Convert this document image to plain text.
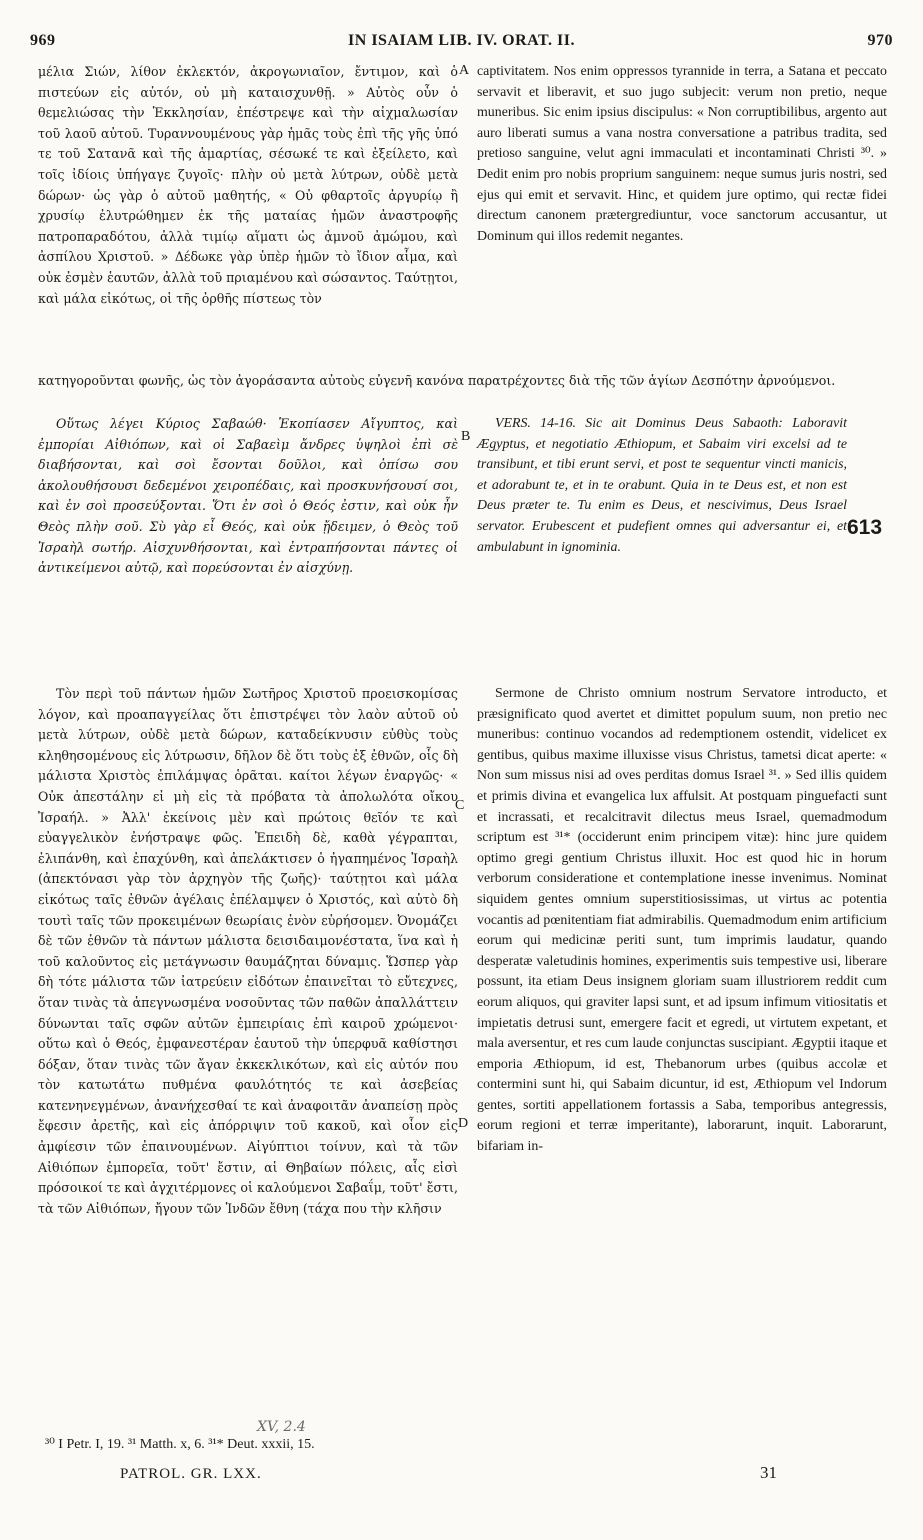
969	IN ISAIAM LIB. IV. ORAT. II.	970
A
B
C
D

μέλια Σιών, λίθον ἐκλεκτόν, ἀκρογωνιαῖον, ἔντιμον, καὶ ὁ πιστεύων εἰς αὐτόν, οὐ μὴ καταισχυνθῇ. » Αὐτὸς οὖν ὁ θεμελιώσας τὴν Ἐκκλησίαν, ἐπέστρεψε καὶ τὴν αἰχμαλωσίαν τοῦ λαοῦ αὐτοῦ. Τυραννουμένους γὰρ ἡμᾶς τοὺς ἐπὶ τῆς γῆς ὑπό τε τοῦ Σατανᾶ καὶ τῆς ἁμαρτίας, σέσωκέ τε καὶ ἐξείλετο, καὶ τοῖς ἰδίοις ὑπήγαγε ζυγοῖς· πλὴν οὐ μετὰ λύτρων, οὐδὲ μετὰ δώρων· ὡς γὰρ ὁ αὐτοῦ μαθητής, « Οὐ φθαρτοῖς ἀργυρίῳ ἢ χρυσίῳ ἐλυτρώθημεν ἐκ τῆς ματαίας ἡμῶν ἀναστροφῆς πατροπαραδότου, ἀλλὰ τιμίῳ αἵματι ὡς ἀμνοῦ ἀμώμου, καὶ ἀσπίλου Χριστοῦ. » Δέδωκε γὰρ ὑπὲρ ἡμῶν τὸ ἴδιον αἷμα, καὶ οὐκ ἐσμὲν ἑαυτῶν, ἀλλὰ τοῦ πριαμένου καὶ σώσαντος. Ταύτῃτοι, καὶ μάλα εἰκότως, οἱ τῆς ὀρθῆς πίστεως τὸν

captivitatem. Nos enim oppressos tyrannide in terra, a Satana et peccato servavit et liberavit, et suo jugo subjecit: verum non pretio, neque muneribus. Sic enim ipsius discipulus: « Non corruptibilibus, argento aut auro liberati sumus a vana nostra conversatione a patribus tradita, sed pretioso sanguine, velut agni immaculati et incontaminati Christi ³⁰. » Dedit enim pro nobis proprium sanguinem: neque sumus juris nostri, sed ejus qui emit et servavit. Hinc, et quidem jure optimo, qui rectæ fidei directum canonem prætergrediuntur, voce sanctorum accusantur, ut Dominum qui illos redemit negantes.

κατηγοροῦνται φωνῆς, ὡς τὸν ἀγοράσαντα αὐτοὺς εὐγενῆ κανόνα παρατρέχοντες διὰ τῆς τῶν ἁγίων Δεσπότην ἀρνούμενοι.

Οὕτως λέγει Κύριος Σαβαώθ· Ἐκοπίασεν Αἴγυπτος, καὶ ἐμπορίαι Αἰθιόπων, καὶ οἱ Σαβαεὶμ ἄνδρες ὑψηλοὶ ἐπὶ σὲ διαβήσονται, καὶ σοὶ ἔσονται δοῦλοι, καὶ ὀπίσω σου ἀκολουθήσουσι δεδεμένοι χειροπέδαις, καὶ προσκυνήσουσί σοι, καὶ ἐν σοὶ προσεύξονται. Ὅτι ἐν σοὶ ὁ Θεός ἐστιν, καὶ οὐκ ἦν Θεὸς πλὴν σοῦ. Σὺ γὰρ εἶ Θεός, καὶ οὐκ ᾔδειμεν, ὁ Θεὸς τοῦ Ἰσραὴλ σωτήρ. Αἰσχυνθήσονται, καὶ ἐντραπήσονται πάντες οἱ ἀντικείμενοι αὐτῷ, καὶ πορεύσονται ἐν αἰσχύνῃ.

VERS. 14-16. Sic ait Dominus Deus Sabaoth: Laboravit Ægyptus, et negotiatio Æthiopum, et Sabaim viri excelsi ad te transibunt, et tibi erunt servi, et post te sequentur vincti manicis, et adorabunt te, et in te orabunt. Quia in te Deus est, et non est Deus præter te. Tu enim es Deus, et nescivimus, Deus Israel servator. Erubescent et pudefient omnes qui adversantur ei, et ambulabunt in ignominia.

613

Τὸν περὶ τοῦ πάντων ἡμῶν Σωτῆρος Χριστοῦ προεισκομίσας λόγον, καὶ προαπαγγείλας ὅτι ἐπιστρέψει τὸν λαὸν αὐτοῦ οὐ μετὰ λύτρων, οὐδὲ μετὰ δώρων, καταδείκνυσιν εὐθὺς τοὺς κληθησομένους εἰς λύτρωσιν, δῆλον δὲ ὅτι τοὺς ἐξ ἐθνῶν, οἷς δὴ μάλιστα Χριστὸς ἐπιλάμψας ὁρᾶται. καίτοι λέγων ἐναργῶς· « Οὐκ ἀπεστάλην εἰ μὴ εἰς τὰ πρόβατα τὰ ἀπολωλότα οἴκου Ἰσραήλ. » Ἀλλ' ἐκείνοις μὲν καὶ πρώτοις θεῖόν τε καὶ εὐαγγελικὸν ἐνήστραψε φῶς. Ἐπειδὴ δὲ, καθὰ γέγραπται, ἐλιπάνθη, καὶ ἐπαχύνθη, καὶ ἀπελάκτισεν ὁ ἠγαπημένος Ἰσραὴλ (ἀπεκτόνασι γὰρ τὸν ἀρχηγὸν τῆς ζωῆς)· ταύτῃτοι καὶ μάλα εἰκότως ταῖς ἐθνῶν ἀγέλαις ἐπέλαμψεν ὁ Χριστός, καὶ αὐτὸ δὴ τουτὶ ταῖς τῶν προκειμένων θεωρίαις ἐνὸν εὑρήσομεν. Ὀνομάζει δὲ τῶν ἐθνῶν τὰ πάντων μάλιστα δεισιδαιμονέστατα, ἵνα καὶ ἡ τοῦ καλοῦντος εἰς μετάγνωσιν θαυμάζηται δύναμις. Ὥσπερ γὰρ δὴ τότε μάλιστα τῶν ἰατρεύειν εἰδότων ἐπαινεῖται τὸ εὔτεχνες, ὅταν τινὰς τὰ ἀπεγνωσμένα νοσοῦντας τῶν παθῶν ἀπαλλάττειν δύνωνται ταῖς σφῶν αὐτῶν ἐμπειρίαις ἐπὶ καιροῦ χρώμενοι· οὕτω καὶ ὁ Θεός, ἐμφανεστέραν ἑαυτοῦ τὴν ὑπερφυᾶ καθίστησι δόξαν, ὅταν τινὰς τῶν ἄγαν ἐκκεκλικότων, καὶ εἰς αὐτόν που τὸν κατωτάτω πυθμένα φαυλότητός τε καὶ ἀσεβείας κατενηνεγμένων, ἀνανήχεσθαί τε καὶ ἀναφοιτᾶν ἀναπείσῃ πρὸς ἔφεσιν ἀρετῆς, καὶ εἰς ἀπόρριψιν τοῦ κακοῦ, καὶ οἷον εἰς ἀμφίεσιν τῶν ἐπαινουμένων. Αἰγύπτιοι τοίνυν, καὶ τὰ τῶν Αἰθιόπων ἐμπορεῖα, τοῦτ' ἔστιν, αἱ Θηβαίων πόλεις, αἷς εἰσὶ πρόσοικοί τε καὶ ἀγχιτέρμονες οἱ καλούμενοι Σαβαΐμ, τοῦτ' ἔστι, τὰ τῶν Αἰθιόπων, ἤγουν τῶν Ἰνδῶν ἔθνη (τάχα που τὴν κλῆσιν

Sermone de Christo omnium nostrum Servatore introducto, et præsignificato quod avertet et dimittet populum suum, non pretio nec muneribus: continuo vocandos ad redemptionem ostendit, videlicet ex gentibus, quibus maxime illuxisse visus Christus, tametsi dicat aperte: « Non sum missus nisi ad oves perditas domus Israel ³¹. » Sed illis quidem et primis divina et evangelica lux affulsit. At postquam pinguefacti sunt et incrassati, et recalcitravit dilectus meus Israel, quemadmodum scriptum est ³¹* (occiderunt enim principem vitæ): hinc jure quidem optimo gregi gentium Christus illuxit. Hoc est quod hic in horum verborum consideratione et contemplatione inesse invenimus. Nominat siquidem gentes omnium superstitiosissimas, ut virtus ac potentia vocantis ad pœnitentiam fiat admirabilis. Quemadmodum enim artificium eorum qui medicinæ periti sunt, tum imprimis laudatur, quando desperatæ valetudinis homines, experimentis suis tempestive usi, liberare possunt, ita etiam Deus insignem gloriam suam illustriorem reddit cum eorum aliquos, qui graviter lapsi sunt, et ad ipsum infimum vitiositatis et impietatis detrusi sunt, emergere facit et egredi, ut virtutem expetant, et mala aversentur, et res cum laude conjunctas suscipiant. Ægyptii itaque et emporia Æthiopum, id est, Thebanorum urbes (quibus accolæ et contermini sunt hi, qui Sabaim dicuntur, id est, Æthiopum vel Indorum gentes, sortiti appellationem fortassis a Saba, temporibus antegressis, eorum regioni et terræ imperitante), laborarunt, inquit. Laborarunt, bifariam in-

XV, 2.4
³⁰ I Petr. I, 19. ³¹ Matth. x, 6. ³¹* Deut. xxxii, 15.
PATROL. GR. LXX.	31
